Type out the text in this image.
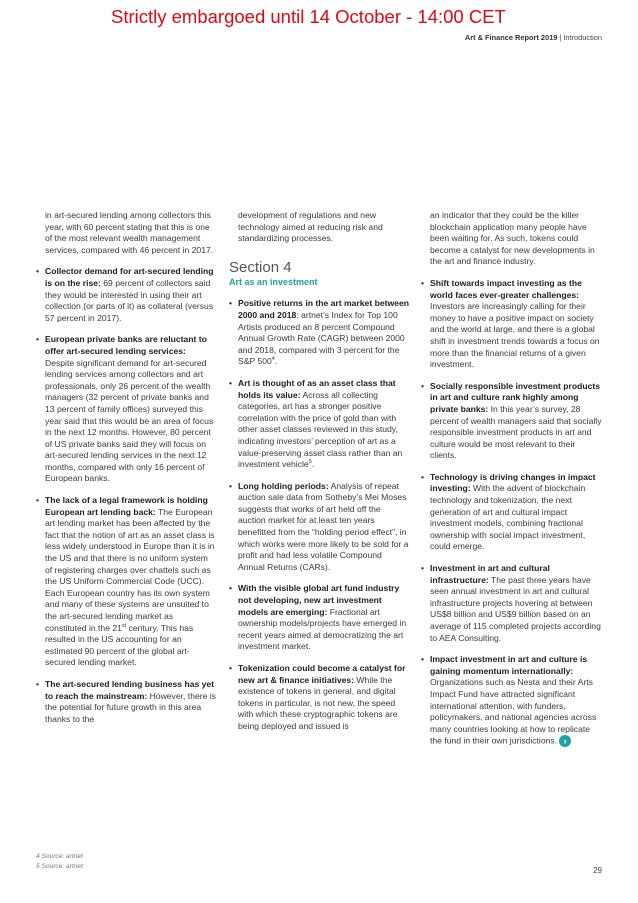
Strictly embargoed until 14 October - 14:00 CET
Art & Finance Report 2019 | Introduction

in art-secured lending among collectors this year, with 60 percent stating that this is one of the most relevant wealth management services, compared with 46 percent in 2017.

• Collector demand for art-secured lending is on the rise: 69 percent of collectors said they would be interested in using their art collection (or parts of it) as collateral (versus 57 percent in 2017).
• European private banks are reluctant to offer art-secured lending services: Despite significant demand for art-secured lending services among collectors and art professionals, only 26 percent of the wealth managers (32 percent of private banks and 13 percent of family offices) surveyed this year said that this would be an area of focus in the next 12 months. However, 80 percent of US private banks said they will focus on art-secured lending services in the next 12 months, compared with only 16 percent of European banks.
• The lack of a legal framework is holding European art lending back: The European art lending market has been affected by the fact that the notion of art as an asset class is less widely understood in Europe than it is in the US and that there is no uniform system of registering charges over chattels such as the US Uniform Commercial Code (UCC). Each European country has its own system and many of these systems are unsuited to the art-secured lending market as constituted in the 21st century. This has resulted in the US accounting for an estimated 90 percent of the global art-secured lending market.
• The art-secured lending business has yet to reach the mainstream: However, there is the potential for future growth in this area thanks to the

development of regulations and new technology aimed at reducing risk and standardizing processes.

Section 4

Art as an investment

• Positive returns in the art market between 2000 and 2018: artnet’s Index for Top 100 Artists produced an 8 percent Compound Annual Growth Rate (CAGR) between 2000 and 2018, compared with 3 percent for the S&P $500^4$.
• Art is thought of as an asset class that holds its value: Across all collecting categories, art has a stronger positive correlation with the price of gold than with other asset classes reviewed in this study, indicating investors’ perception of art as a value-preserving asset class rather than an investment vehicle$^5$.
• Long holding periods: Analysis of repeat auction sale data from Sotheby’s Mei Moses suggests that works of art held off the auction market for at least ten years benefitted from the “holding period effect”, in which works were more likely to be sold for a profit and had less volatile Compound Annual Returns (CARs).
• With the visible global art fund industry not developing, new art investment models are emerging: Fractional art ownership models/projects have emerged in recent years aimed at democratizing the art investment market.
• Tokenization could become a catalyst for new art & finance initiatives: While the existence of tokens in general, and digital tokens in particular, is not new, the speed with which these cryptographic tokens are being deployed and issued is

an indicator that they could be the killer blockchain application many people have been waiting for. As such, tokens could become a catalyst for new developments in the art and finance industry.

• Shift towards impact investing as the world faces ever-greater challenges: Investors are increasingly calling for their money to have a positive impact on society and the world at large, and there is a global shift in investment trends towards a focus on more than the financial returns of a given investment.
• Socially responsible investment products in art and culture rank highly among private banks: In this year’s survey, 28 percent of wealth managers said that socially responsible investment products in art and culture would be most relevant to their clients.
• Technology is driving changes in impact investing: With the advent of blockchain technology and tokenization, the next generation of art and cultural impact investment models, combining fractional ownership with social impact investment, could emerge.
• Investment in art and cultural infrastructure: The past three years have seen annual investment in art and cultural infrastructure projects hovering at between US$8 billion and US$9 billion based on an average of 115 completed projects according to AEA Consulting.
• Impact investment in art and culture is gaining momentum internationally: Organizations such as Nesta and their Arts Impact Fund have attracted significant international attention, with funders, policymakers, and national agencies across many countries looking at how to replicate the fund in their own jurisdictions. ›
4 Source: artnet
5 Source: artnet	29
